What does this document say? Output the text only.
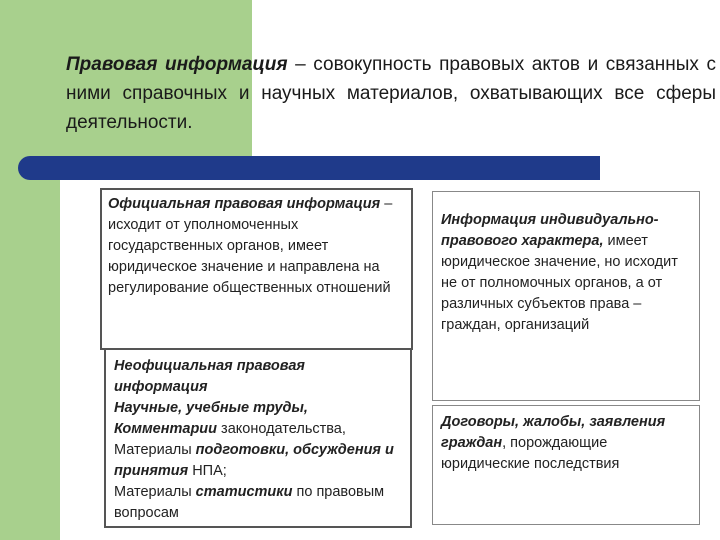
Правовая информация – совокупность правовых актов и связанных с ними справочных и научных материалов, охватывающих все сферы деятельности.
Официальная правовая информация – исходит от уполномоченных государственных органов, имеет юридическое значение и направлена на регулирование общественных отношений
Неофициальная правовая информация
Научные, учебные труды,
Комментарии законодательства,
Материалы подготовки, обсуждения и принятия НПА;
Материалы статистики по правовым вопросам
Информация индивидуально-правового характера, имеет юридическое значение, но исходит не от полномочных органов, а от различных субъектов права – граждан, организаций
Договоры, жалобы, заявления граждан, порождающие юридические последствия
